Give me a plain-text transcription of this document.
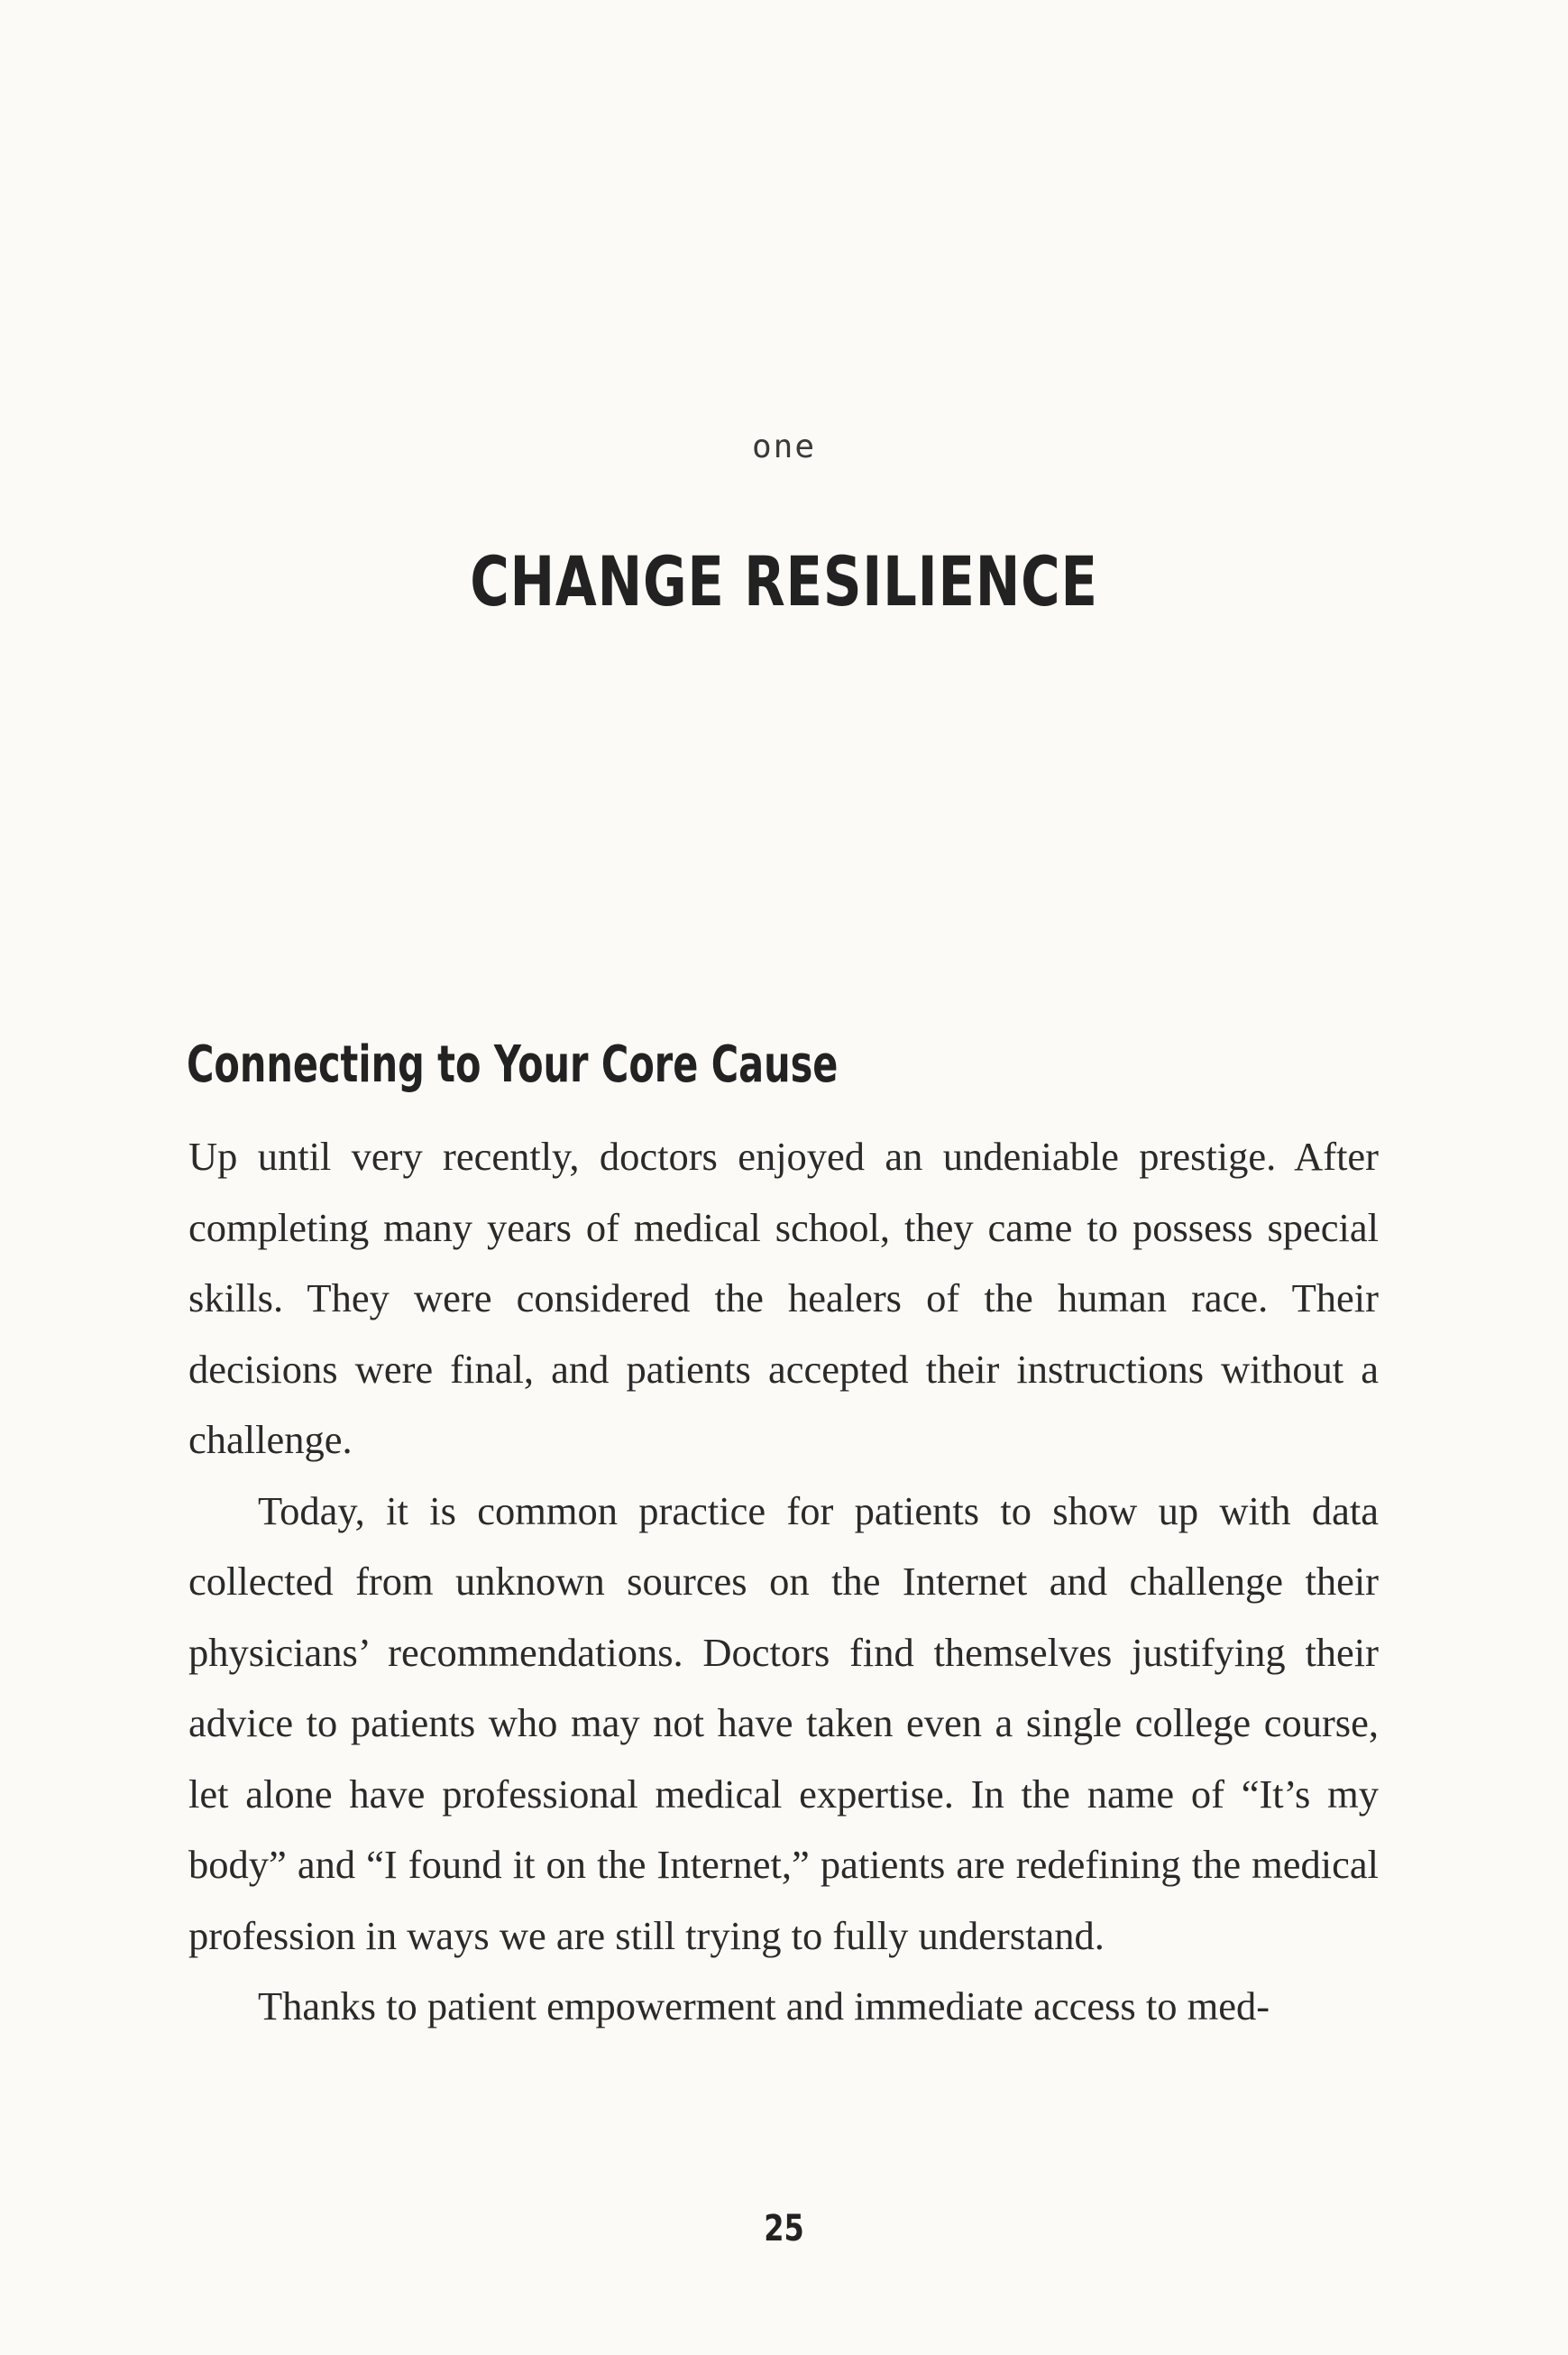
one
CHANGE RESILIENCE
Connecting to Your Core Cause

Up until very recently, doctors enjoyed an undeniable prestige. After completing many years of medical school, they came to possess special skills. They were considered the healers of the human race. Their decisions were final, and patients accepted their instructions without a challenge.

Today, it is common practice for patients to show up with data collected from unknown sources on the Internet and challenge their physicians’ recommendations. Doctors find themselves justifying their advice to patients who may not have taken even a single college course, let alone have professional medical expertise. In the name of “It’s my body” and “I found it on the Internet,” patients are redefining the medical profession in ways we are still trying to fully understand.

Thanks to patient empowerment and immediate access to med-

25
